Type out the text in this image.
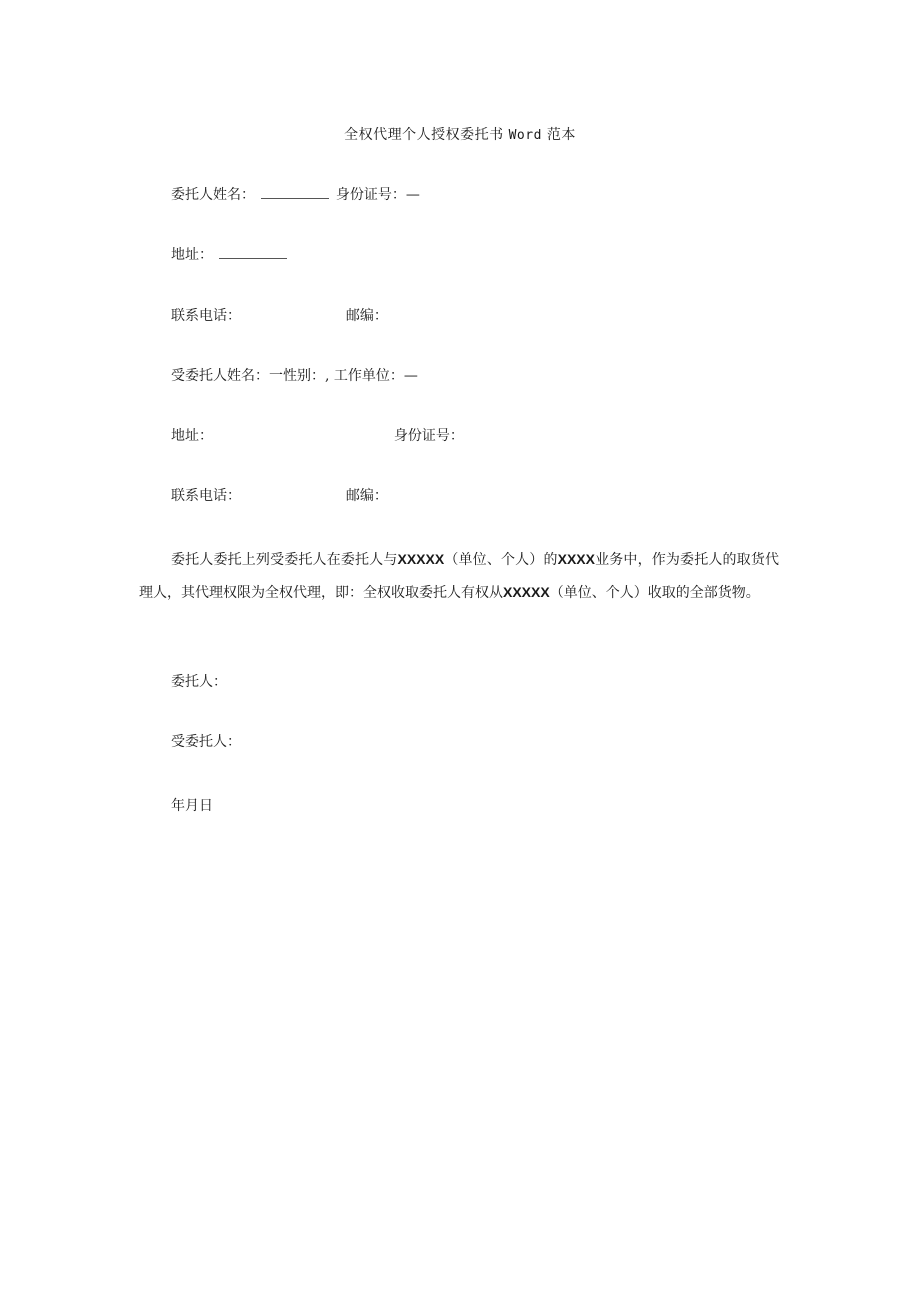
全权代理个人授权委托书 Word 范本
委托人姓名：	身份证号：—
地址：
联系电话：	邮编：
受委托人姓名：一性别：, 工作单位：—
地址：	身份证号：
联系电话：	邮编：
委托人委托上列受委托人在委托人与XXXXX（单位、个人）的XXXX业务中，作为委托人的取货代理人，其代理权限为全权代理，即：全权收取委托人有权从XXXXX（单位、个人）收取的全部货物。
委托人：
受委托人：
年月日
